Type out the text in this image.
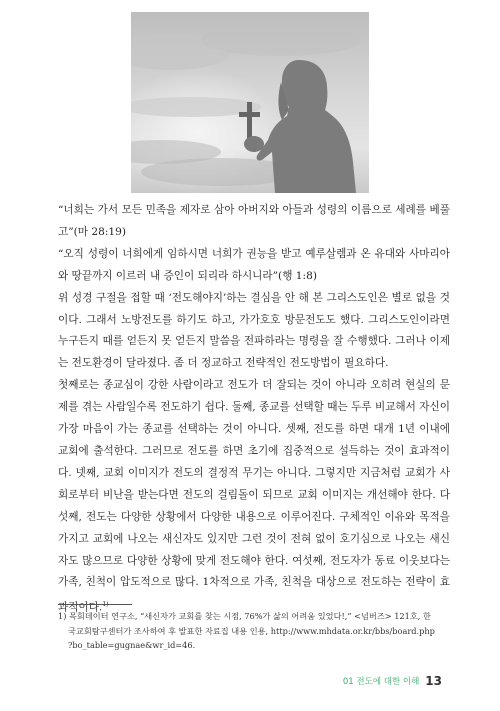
“너희는 가서 모든 민족을 제자로 삼아 아버지와 아들과 성령의 이름으로 세례를 베풀고”(마 28:19)

“오직 성령이 너희에게 임하시면 너희가 권능을 받고 예루살렘과 온 유대와 사마리아와 땅끝까지 이르러 내 증인이 되리라 하시니라”(행 1:8)

위 성경 구절을 접할 때 ‘전도해야지’하는 결심을 안 해 본 그리스도인은 별로 없을 것이다. 그래서 노방전도를 하기도 하고, 가가호호 방문전도도 했다. 그리스도인이라면 누구든지 때를 얻든지 못 얻든지 말씀을 전파하라는 명령을 잘 수행했다. 그러나 이제는 전도환경이 달라졌다. 좀 더 정교하고 전략적인 전도방법이 필요하다.

첫째로는 종교심이 강한 사람이라고 전도가 더 잘되는 것이 아니라 오히려 현실의 문제를 겪는 사람일수록 전도하기 쉽다. 둘째, 종교를 선택할 때는 두루 비교해서 자신이 가장 마음이 가는 종교를 선택하는 것이 아니다. 셋째, 전도를 하면 대개 1년 이내에 교회에 출석한다. 그러므로 전도를 하면 초기에 집중적으로 설득하는 것이 효과적이다. 넷째, 교회 이미지가 전도의 결정적 무기는 아니다. 그렇지만 지금처럼 교회가 사회로부터 비난을 받는다면 전도의 걸림돌이 되므로 교회 이미지는 개선해야 한다. 다섯째, 전도는 다양한 상황에서 다양한 내용으로 이루어진다. 구체적인 이유와 목적을 가지고 교회에 나오는 새신자도 있지만 그런 것이 전혀 없이 호기심으로 나오는 새신자도 많으므로 다양한 상황에 맞게 전도해야 한다. 여섯째, 전도자가 동료 이웃보다는 가족, 친척이 압도적으로 많다. 1차적으로 가족, 친척을 대상으로 전도하는 전략이 효과적이다.$^{1)}$

1) 목회데이터 연구소, “새신자가 교회를 찾는 시점, 76%가 삶의 어려움 있었다!,” <넘버즈> 121호, 한

국교회탐구센터가 조사하여 후 발표한 자료집 내용 인용, http://www.mhdata.or.kr/bbs/board.php

?bo_table=gugnae&wr_id=46.

01 전도에 대한 이해 13
